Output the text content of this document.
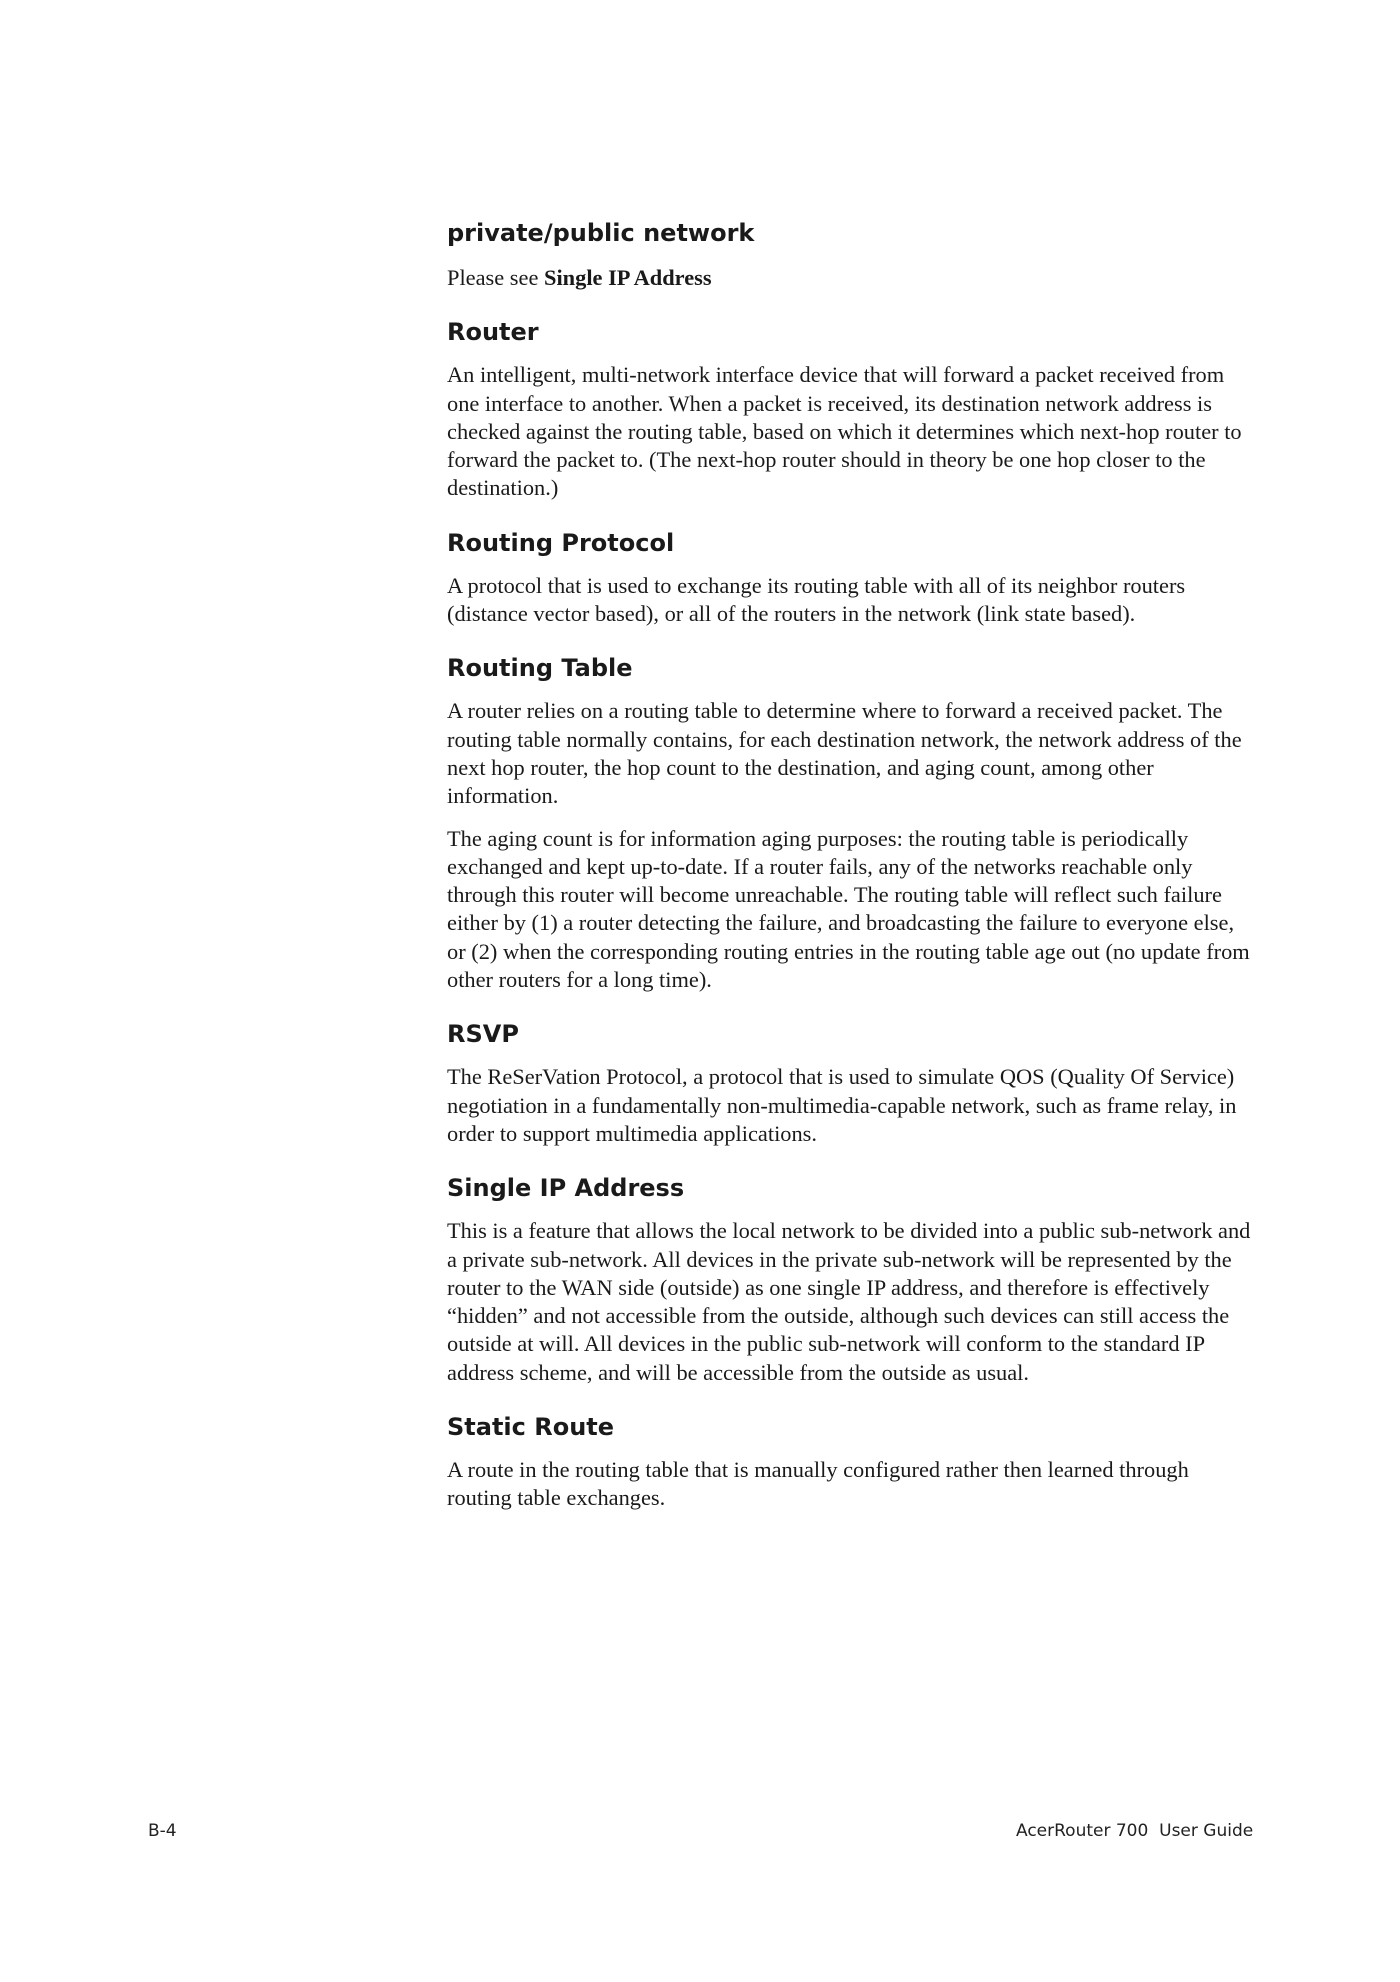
private/public network

Please see Single IP Address

Router

An intelligent, multi-network interface device that will forward a packet received from one interface to another. When a packet is received, its destination network address is checked against the routing table, based on which it determines which next-hop router to forward the packet to. (The next-hop router should in theory be one hop closer to the destination.)

Routing Protocol

A protocol that is used to exchange its routing table with all of its neighbor routers (distance vector based), or all of the routers in the network (link state based).

Routing Table

A router relies on a routing table to determine where to forward a received packet. The routing table normally contains, for each destination network, the network address of the next hop router, the hop count to the destination, and aging count, among other information.

The aging count is for information aging purposes: the routing table is periodically exchanged and kept up-to-date. If a router fails, any of the networks reachable only through this router will become unreachable. The routing table will reflect such failure either by (1) a router detecting the failure, and broadcasting the failure to everyone else, or (2) when the corresponding routing entries in the routing table age out (no update from other routers for a long time).

RSVP

The ReSerVation Protocol, a protocol that is used to simulate QOS (Quality Of Service) negotiation in a fundamentally non-multimedia-capable network, such as frame relay, in order to support multimedia applications.

Single IP Address

This is a feature that allows the local network to be divided into a public sub-network and a private sub-network. All devices in the private sub-network will be represented by the router to the WAN side (outside) as one single IP address, and therefore is effectively “hidden” and not accessible from the outside, although such devices can still access the outside at will. All devices in the public sub-network will conform to the standard IP address scheme, and will be accessible from the outside as usual.

Static Route

A route in the routing table that is manually configured rather then learned through routing table exchanges.

B-4	AcerRouter 700  User Guide
